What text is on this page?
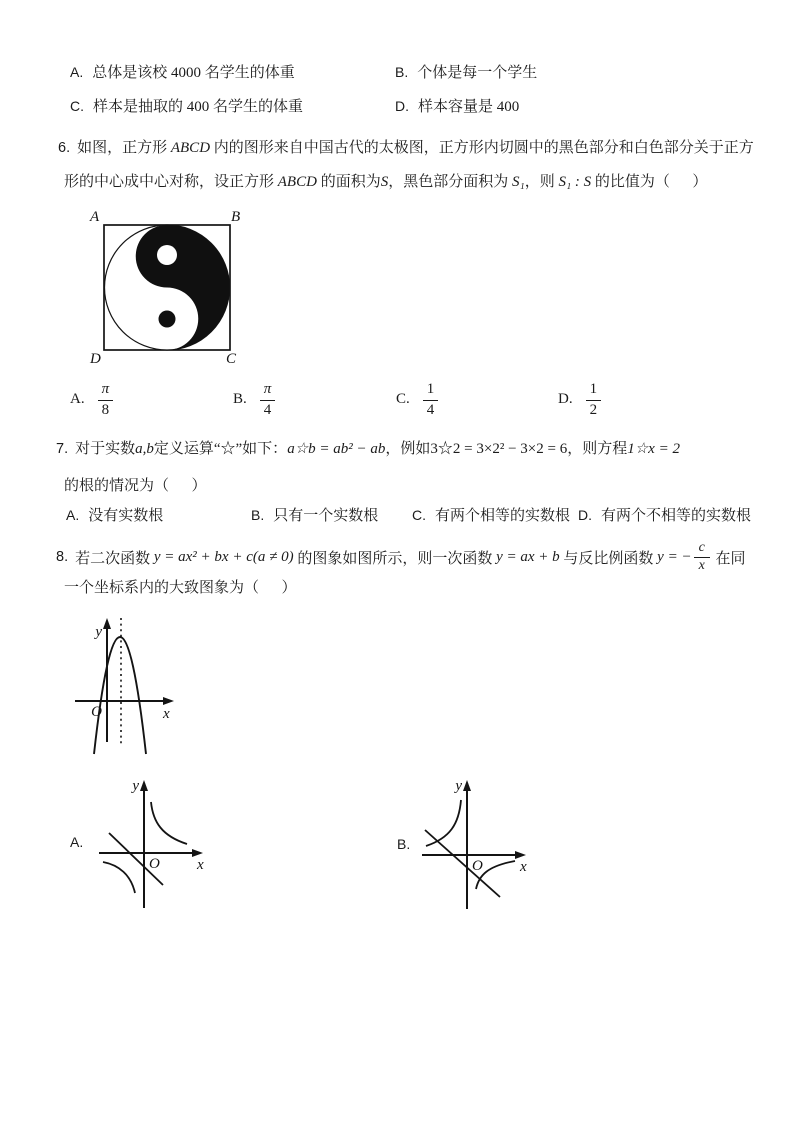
A. 总体是该校 4000 名学生的体重	B. 个体是每一个学生
C. 样本是抽取的 400 名学生的体重	D. 样本容量是 400
6. 如图，正方形 ABCD 内的图形来自中国古代的太极图，正方形内切圆中的黑色部分和白色部分关于正方
形的中心成中心对称，设正方形 ABCD 的面积为S，黑色部分面积为 S₁，则 S₁ : S 的比值为（      ）
A	B
D	C
A. $\frac{\pi}{8}$	B. $\frac{\pi}{4}$	C. $\frac{1}{4}$	D. $\frac{1}{2}$
7. 对于实数a,b定义运算“☆”如下：a☆b = ab² − ab，例如3☆2 = 3×2² − 3×2 = 6，则方程1☆x = 2
的根的情况为（      ）
A. 没有实数根	B. 只有一个实数根 C. 有两个相等的实数根 D. 有两个不相等的实数根
8. 若二次函数 y = ax² + bx + c(a ≠ 0) 的图象如图所示，则一次函数 y = ax + b 与反比例函数 y = − $\frac{c}{x}$ 在同
一个坐标系内的大致图象为（      ）
y
O	x
A.
y
O x
B.
y
O x
